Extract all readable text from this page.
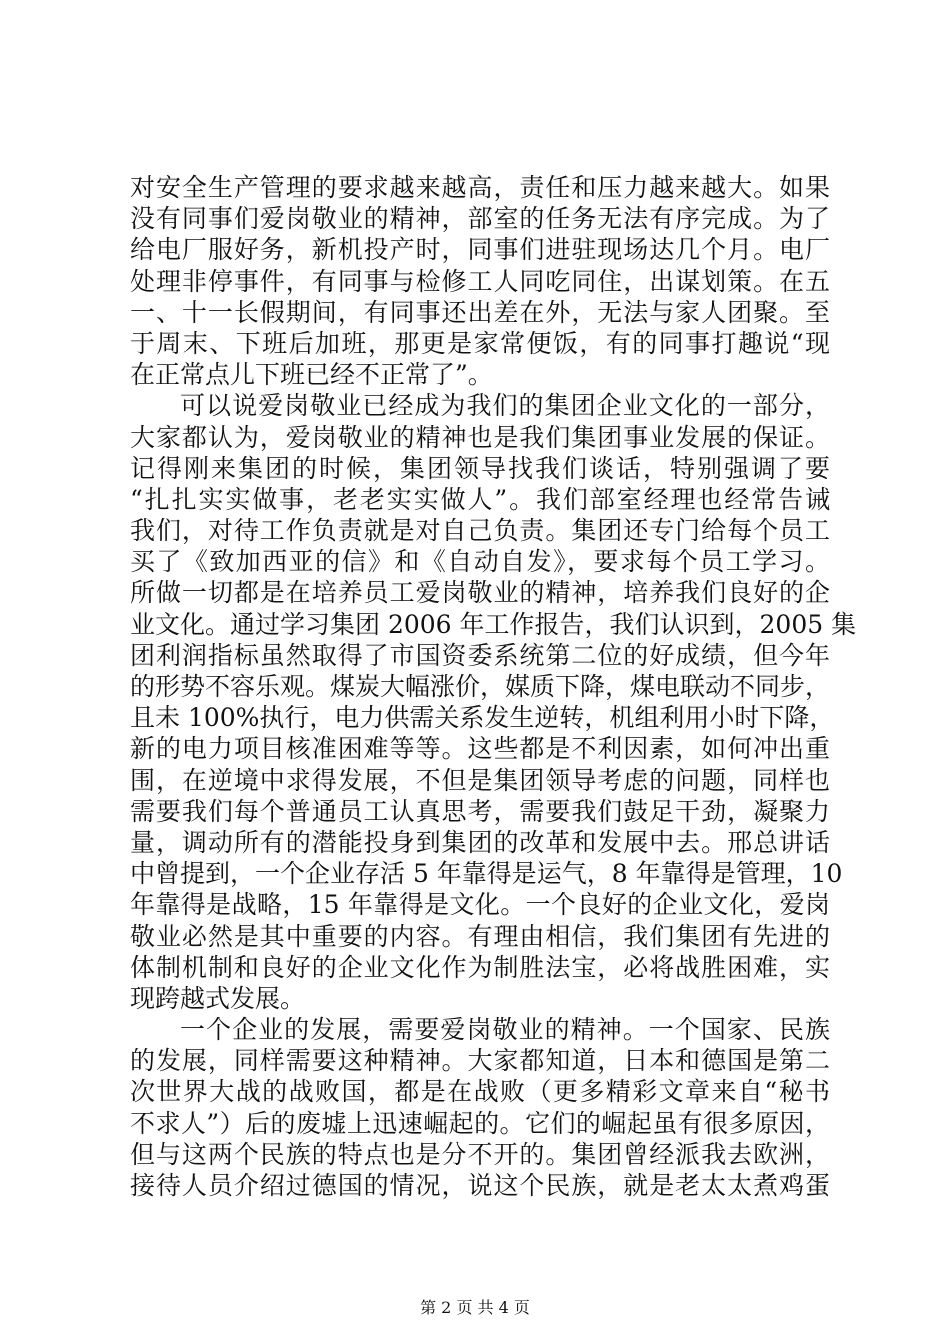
对安全生产管理的要求越来越高，责任和压力越来越大。如果
没有同事们爱岗敬业的精神，部室的任务无法有序完成。为了
给电厂服好务，新机投产时，同事们进驻现场达几个月。电厂
处理非停事件，有同事与检修工人同吃同住，出谋划策。在五
一、十一长假期间，有同事还出差在外，无法与家人团聚。至
于周末、下班后加班，那更是家常便饭，有的同事打趣说“现
在正常点儿下班已经不正常了”。
可以说爱岗敬业已经成为我们的集团企业文化的一部分，
大家都认为，爱岗敬业的精神也是我们集团事业发展的保证。
记得刚来集团的时候，集团领导找我们谈话，特别强调了要
“扎扎实实做事，老老实实做人”。我们部室经理也经常告诫
我们，对待工作负责就是对自己负责。集团还专门给每个员工
买了《致加西亚的信》和《自动自发》，要求每个员工学习。
所做一切都是在培养员工爱岗敬业的精神，培养我们良好的企
业文化。通过学习集团 2006 年工作报告，我们认识到，2005 集
团利润指标虽然取得了市国资委系统第二位的好成绩，但今年
的形势不容乐观。煤炭大幅涨价，媒质下降，煤电联动不同步，
且未 100%执行，电力供需关系发生逆转，机组利用小时下降，
新的电力项目核准困难等等。这些都是不利因素，如何冲出重
围，在逆境中求得发展，不但是集团领导考虑的问题，同样也
需要我们每个普通员工认真思考，需要我们鼓足干劲，凝聚力
量，调动所有的潜能投身到集团的改革和发展中去。邢总讲话
中曾提到，一个企业存活 5 年靠得是运气，8 年靠得是管理，10
年靠得是战略，15 年靠得是文化。一个良好的企业文化，爱岗
敬业必然是其中重要的内容。有理由相信，我们集团有先进的
体制机制和良好的企业文化作为制胜法宝，必将战胜困难，实
现跨越式发展。
一个企业的发展，需要爱岗敬业的精神。一个国家、民族
的发展，同样需要这种精神。大家都知道，日本和德国是第二
次世界大战的战败国，都是在战败（更多精彩文章来自“秘书
不求人”）后的废墟上迅速崛起的。它们的崛起虽有很多原因，
但与这两个民族的特点也是分不开的。集团曾经派我去欧洲，
接待人员介绍过德国的情况，说这个民族，就是老太太煮鸡蛋
第 2 页 共 4 页
